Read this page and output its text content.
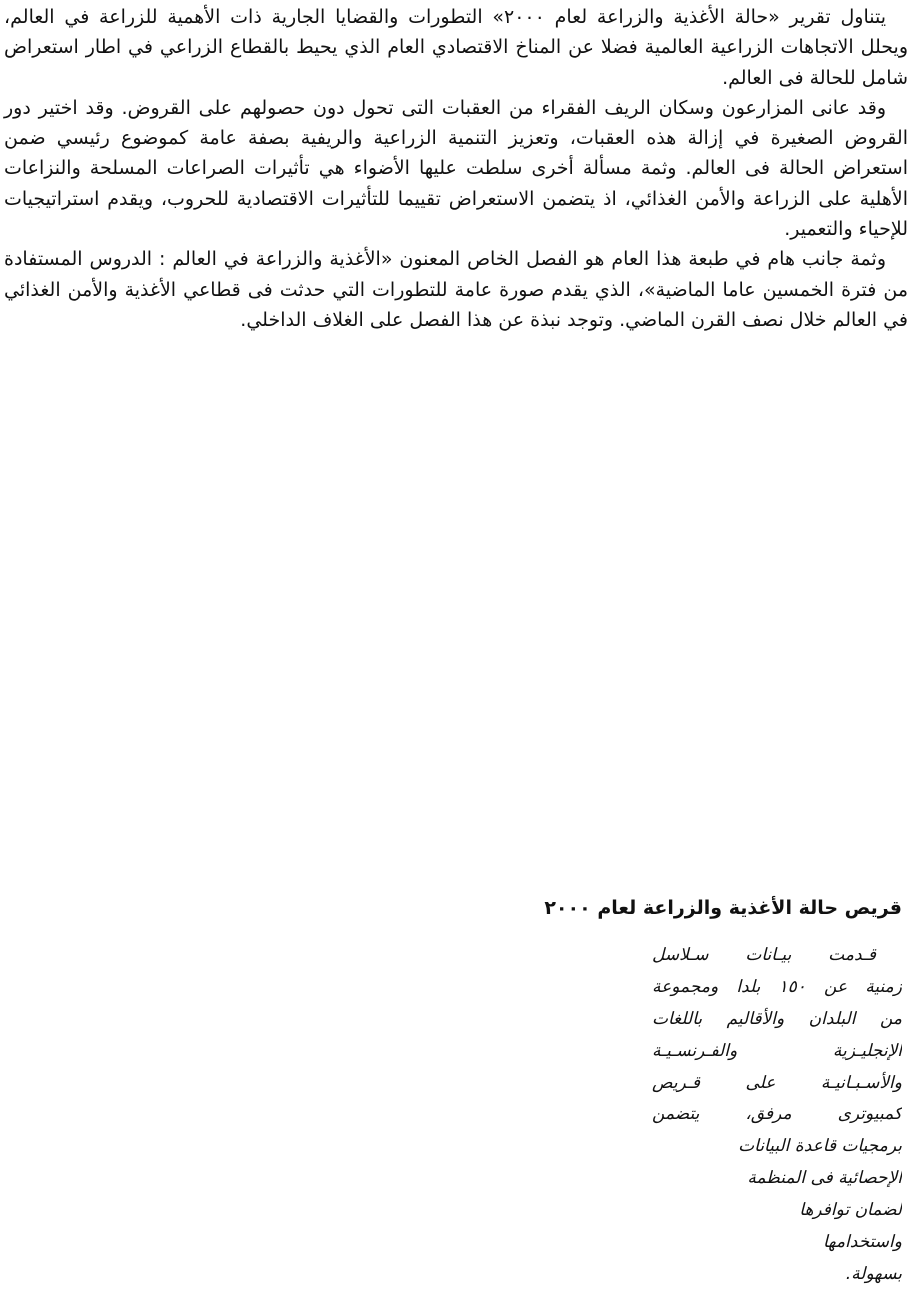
يتناول تقرير «حالة الأغذية والزراعة لعام ٢٠٠٠» التطورات والقضايا الجارية ذات الأهمية للزراعة في العالم، ويحلل الاتجاهات الزراعية العالمية فضلا عن المناخ الاقتصادي العام الذي يحيط بالقطاع الزراعي في اطار استعراض شامل للحالة فى العالم.

وقد عانى المزارعون وسكان الريف الفقراء من العقبات التى تحول دون حصولهم على القروض. وقد اختير دور القروض الصغيرة في إزالة هذه العقبات، وتعزيز التنمية الزراعية والريفية بصفة عامة كموضوع رئيسي ضمن استعراض الحالة فى العالم. وثمة مسألة أخرى سلطت عليها الأضواء هي تأثيرات الصراعات المسلحة والنزاعات الأهلية على الزراعة والأمن الغذائي، اذ يتضمن الاستعراض تقييما للتأثيرات الاقتصادية للحروب، ويقدم استراتيجيات للإحياء والتعمير.

وثمة جانب هام في طبعة هذا العام هو الفصل الخاص المعنون «الأغذية والزراعة في العالم : الدروس المستفادة من فترة الخمسين عاما الماضية»، الذي يقدم صورة عامة للتطورات التي حدثت فى قطاعي الأغذية والأمن الغذائي في العالم خلال نصف القرن الماضي. وتوجد نبذة عن هذا الفصل على الغلاف الداخلي.

قريص حالة الأغذية والزراعة لعام ٢٠٠٠
قـدمت بيـانات سـلاسل
زمنية عن ١٥٠ بلدا ومجموعة
من البلدان والأقاليم باللغات
الإنجليـزية والفـرنسـيـة
والأسـبـانيـة على قـريص
كمبيوترى مرفق، يتضمن
برمجيات قاعدة البيانات
الإحصائية فى المنظمة
لضمان توافرها
واستخدامها
بسهولة.
